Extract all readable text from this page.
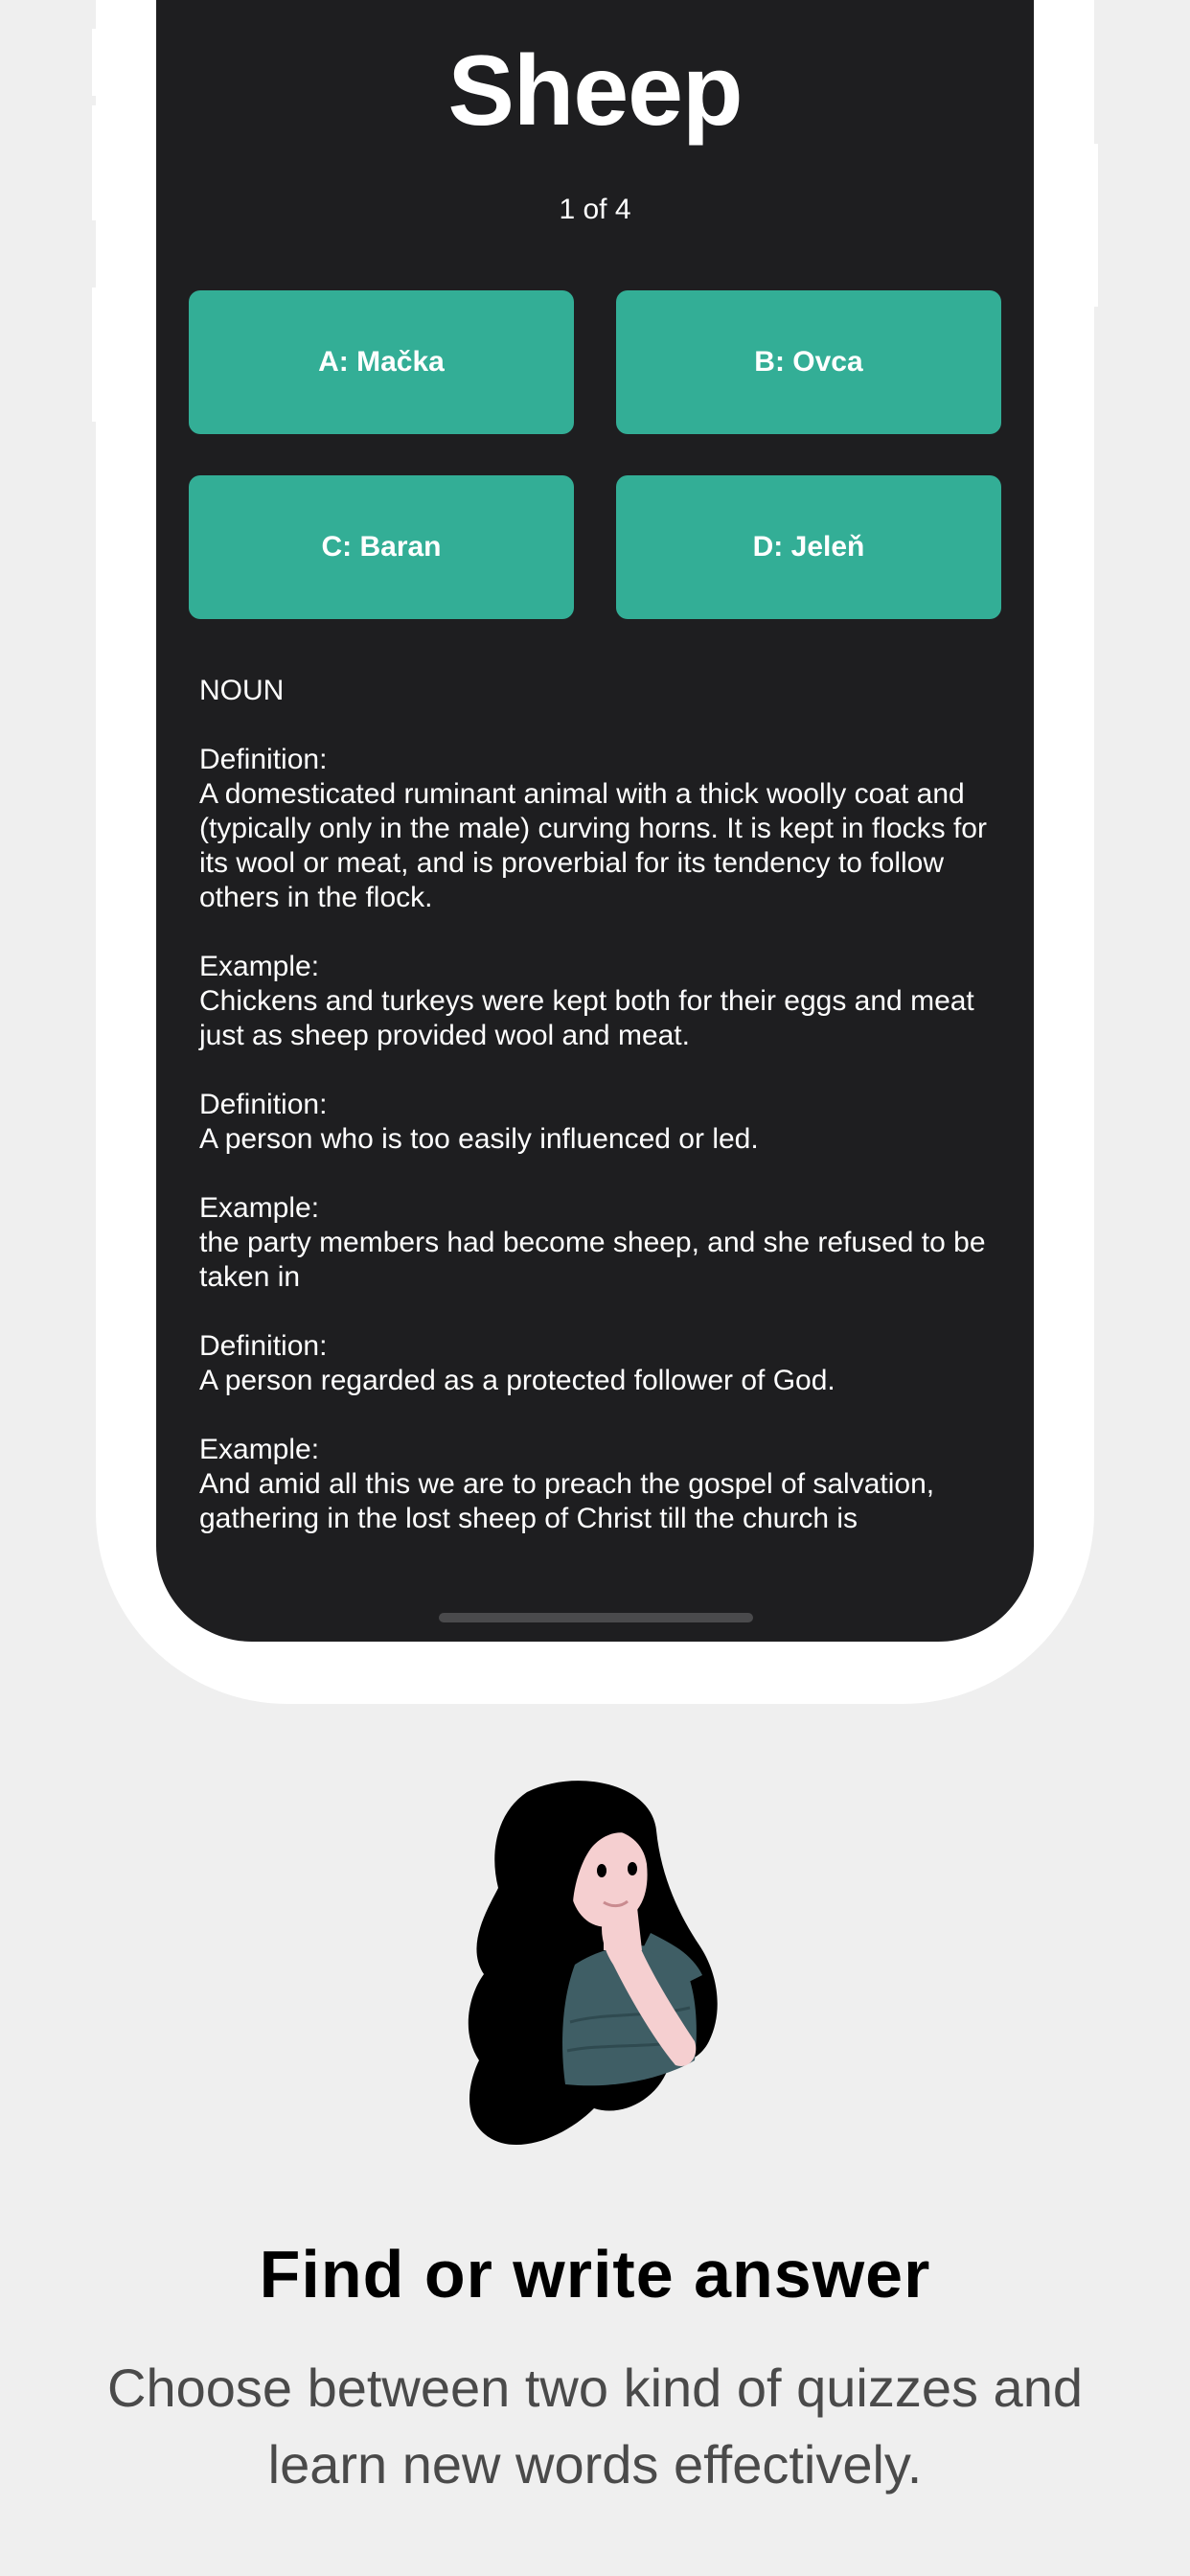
Sheep
1 of 4
A: Mačka	B: Ovca
C: Baran	D: Jeleň

NOUN

Definition:
A domesticated ruminant animal with a thick woolly coat and (typically only in the male) curving horns. It is kept in flocks for its wool or meat, and is proverbial for its tendency to follow others in the flock.

Example:
Chickens and turkeys were kept both for their eggs and meat just as sheep provided wool and meat.

Definition:
A person who is too easily influenced or led.

Example:
the party members had become sheep, and she refused to be taken in

Definition:
A person regarded as a protected follower of God.

Example:
And amid all this we are to preach the gospel of salvation, gathering in the lost sheep of Christ till the church is

Find or write answer
Choose between two kind of quizzes and learn new words effectively.
